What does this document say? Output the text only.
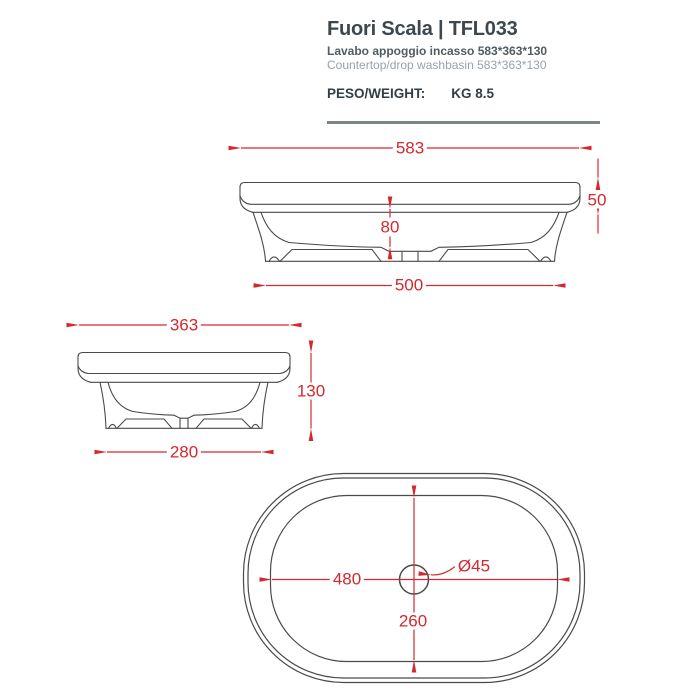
Fuori Scala | TFL033
Lavabo appoggio incasso 583*363*130
Countertop/drop washbasin 583*363*130
PESO/WEIGHT: KG 8.5
583
50
80
500
363
130
280
480
260
Ø45
